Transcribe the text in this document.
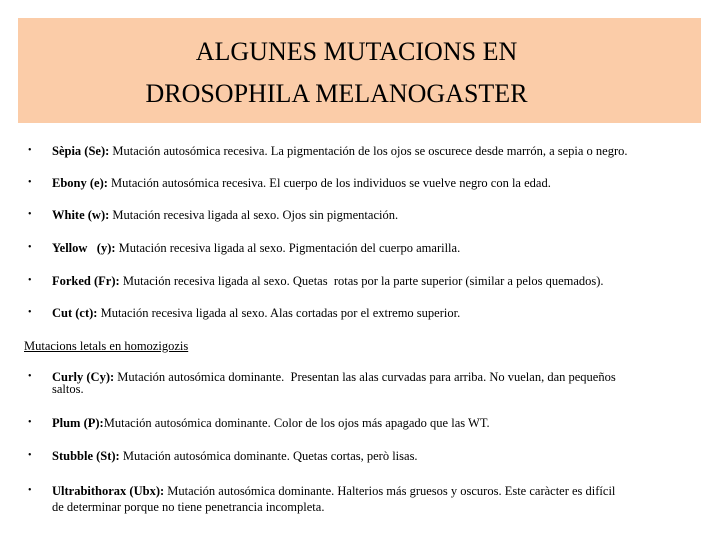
ALGUNES MUTACIONS EN
DROSOPHILA MELANOGASTER
• Sèpia (Se): Mutación autosómica recesiva. La pigmentación de los ojos se oscurece desde marrón, a sepia o negro.
• Ebony (e): Mutación autosómica recesiva. El cuerpo de los individuos se vuelve negro con la edad.
• White (w): Mutación recesiva ligada al sexo. Ojos sin pigmentación.
• Yellow   (y): Mutación recesiva ligada al sexo. Pigmentación del cuerpo amarilla.
• Forked (Fr): Mutación recesiva ligada al sexo. Quetas  rotas por la parte superior (similar a pelos quemados).
• Cut (ct): Mutación recesiva ligada al sexo. Alas cortadas por el extremo superior.
Mutacions letals en homozigozis
• Curly (Cy): Mutación autosómica dominante.  Presentan las alas curvadas para arriba. No vuelan, dan pequeños
saltos.
• Plum (P):Mutación autosómica dominante. Color de los ojos más apagado que las WT.
• Stubble (St): Mutación autosómica dominante. Quetas cortas, però lisas.
• Ultrabithorax (Ubx): Mutación autosómica dominante. Halterios más gruesos y oscuros. Este caràcter es difícil
de determinar porque no tiene penetrancia incompleta.
